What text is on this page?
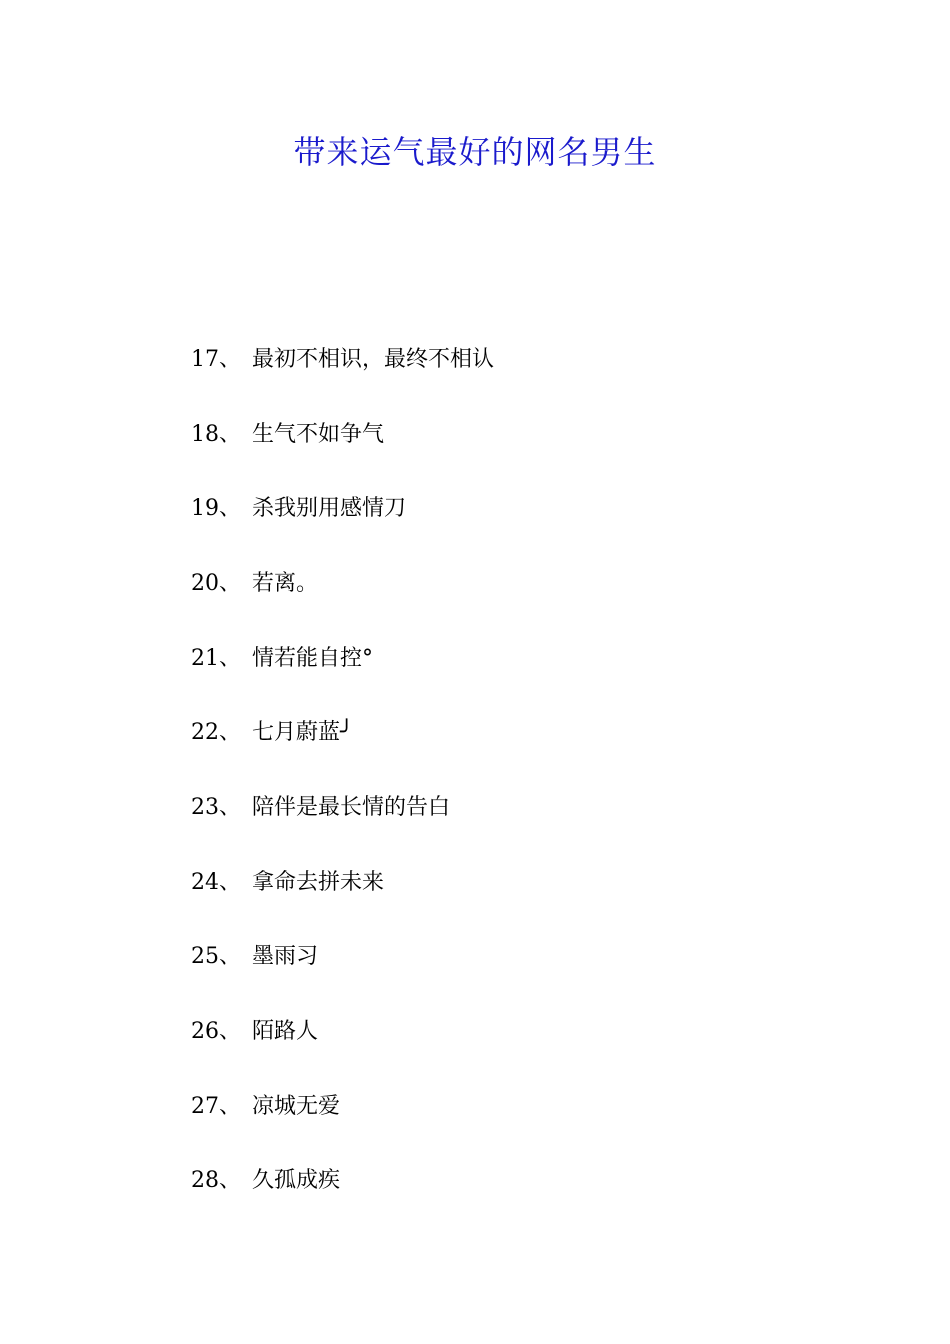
带来运气最好的网名男生
17、 最初不相识，最终不相认
18、 生气不如争气
19、 杀我别用感情刀
20、 若离。
21、 情若能自控°
22、 七月蔚蓝╯
23、 陪伴是最长情的告白
24、 拿命去拼未来
25、 墨雨习
26、 陌路人
27、 凉城无爱
28、 久孤成疾
